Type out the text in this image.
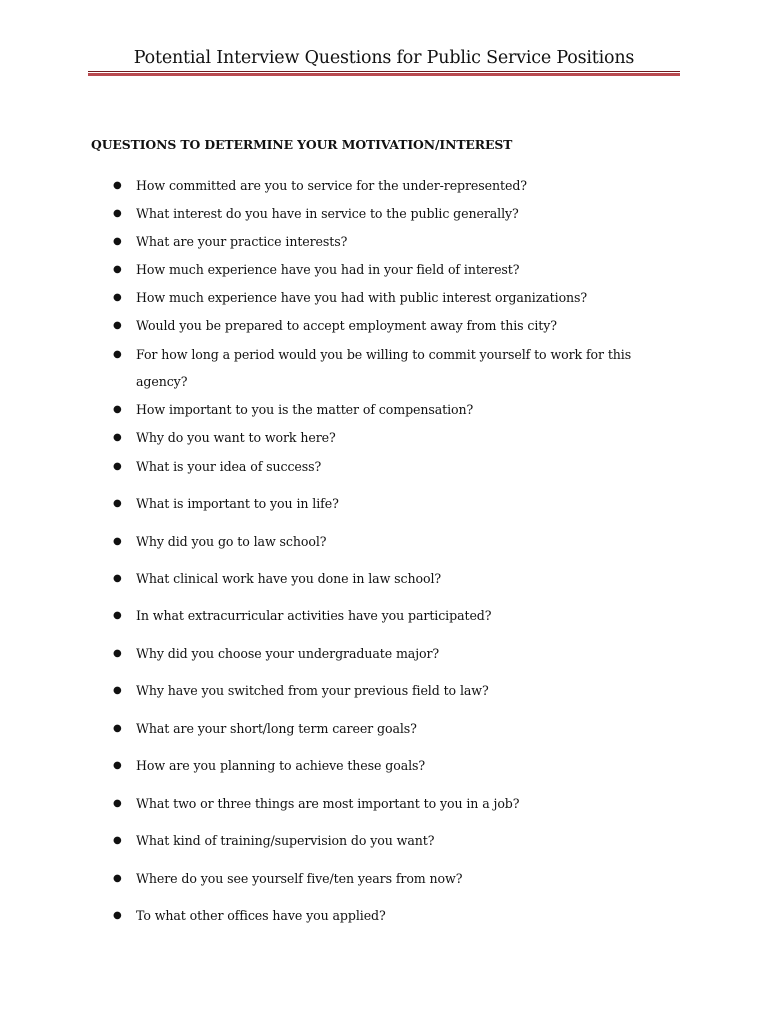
Potential Interview Questions for Public Service Positions
QUESTIONS TO DETERMINE YOUR MOTIVATION/INTEREST
● How committed are you to service for the under-represented?
● What interest do you have in service to the public generally?
● What are your practice interests?
● How much experience have you had in your field of interest?
● How much experience have you had with public interest organizations?
● Would you be prepared to accept employment away from this city?
● For how long a period would you be willing to commit yourself to work for this agency?
● How important to you is the matter of compensation?
● Why do you want to work here?
● What is your idea of success?
● What is important to you in life?
● Why did you go to law school?
● What clinical work have you done in law school?
● In what extracurricular activities have you participated?
● Why did you choose your undergraduate major?
● Why have you switched from your previous field to law?
● What are your short/long term career goals?
● How are you planning to achieve these goals?
● What two or three things are most important to you in a job?
● What kind of training/supervision do you want?
● Where do you see yourself five/ten years from now?
● To what other offices have you applied?
